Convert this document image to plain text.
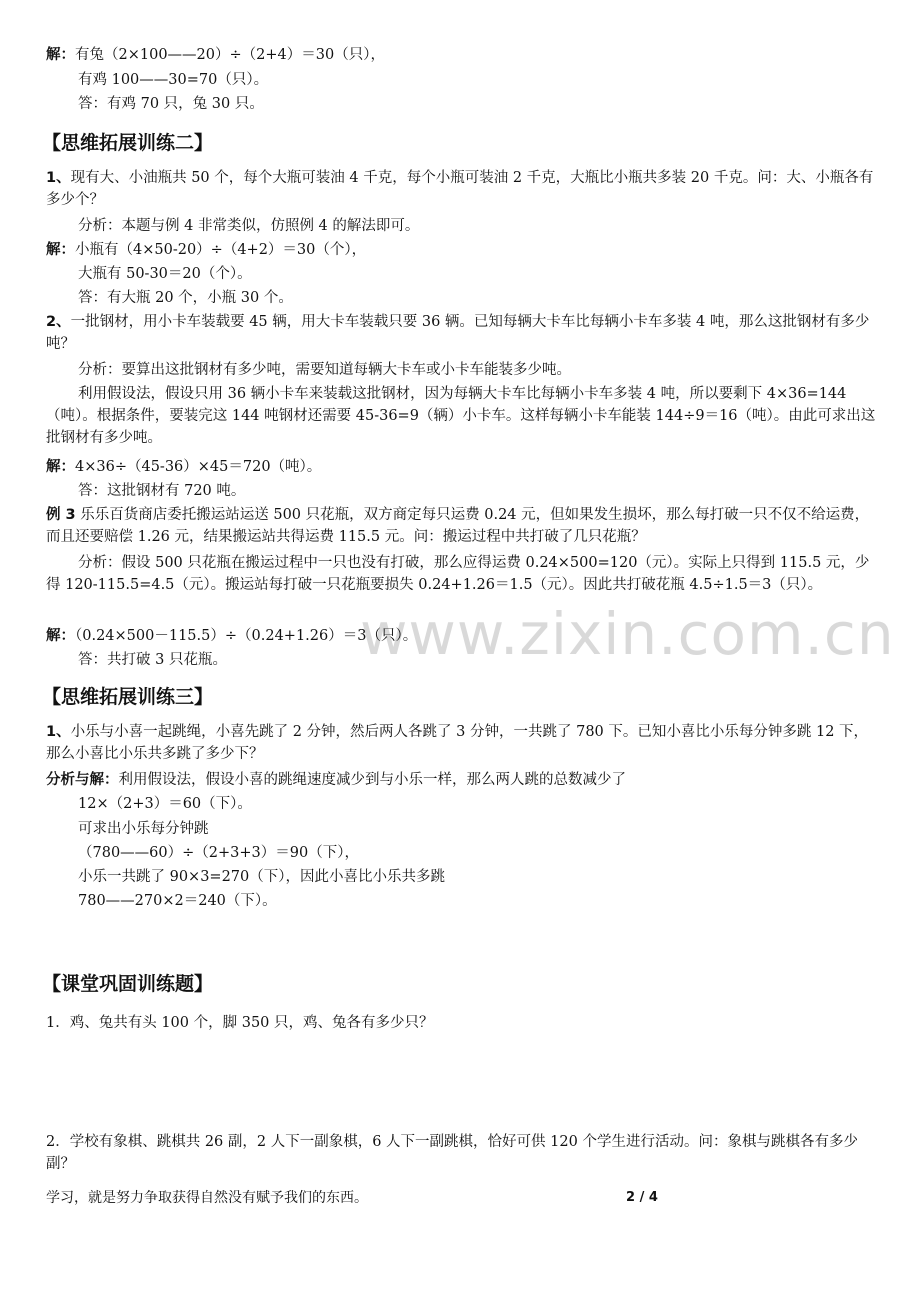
www.zixin.com.cn
解：有兔（2×100——20）÷（2+4）＝30（只），
有鸡 100——30=70（只）。
答：有鸡 70 只，兔 30 只。
【思维拓展训练二】
1、现有大、小油瓶共 50 个，每个大瓶可装油 4 千克，每个小瓶可装油 2 千克，大瓶比小瓶共多装 20 千克。问：大、小瓶各有多少个？
分析：本题与例 4 非常类似，仿照例 4 的解法即可。
解：小瓶有（4×50-20）÷（4+2）＝30（个），
大瓶有 50-30＝20（个）。
答：有大瓶 20 个，小瓶 30 个。
2、一批钢材，用小卡车装载要 45 辆，用大卡车装载只要 36 辆。已知每辆大卡车比每辆小卡车多装 4 吨，那么这批钢材有多少吨？
分析：要算出这批钢材有多少吨，需要知道每辆大卡车或小卡车能装多少吨。
利用假设法，假设只用 36 辆小卡车来装载这批钢材，因为每辆大卡车比每辆小卡车多装 4 吨，所以要剩下 4×36=144（吨）。根据条件，要装完这 144 吨钢材还需要 45-36=9（辆）小卡车。这样每辆小卡车能装 144÷9＝16（吨）。由此可求出这批钢材有多少吨。
解：4×36÷（45-36）×45＝720（吨）。
答：这批钢材有 720 吨。
例 3 乐乐百货商店委托搬运站运送 500 只花瓶，双方商定每只运费 0.24 元，但如果发生损坏，那么每打破一只不仅不给运费，而且还要赔偿 1.26 元，结果搬运站共得运费 115.5 元。问：搬运过程中共打破了几只花瓶？
分析：假设 500 只花瓶在搬运过程中一只也没有打破，那么应得运费 0.24×500=120（元）。实际上只得到 115.5 元，少得 120-115.5=4.5（元）。搬运站每打破一只花瓶要损失 0.24+1.26＝1.5（元）。因此共打破花瓶 4.5÷1.5＝3（只）。
解：（0.24×500－115.5）÷（0.24+1.26）＝3（只）。
答：共打破 3 只花瓶。
【思维拓展训练三】
1、小乐与小喜一起跳绳，小喜先跳了 2 分钟，然后两人各跳了 3 分钟，一共跳了 780 下。已知小喜比小乐每分钟多跳 12 下，那么小喜比小乐共多跳了多少下？
分析与解：利用假设法，假设小喜的跳绳速度减少到与小乐一样，那么两人跳的总数减少了
12×（2+3）＝60（下）。
可求出小乐每分钟跳
（780——60）÷（2+3+3）＝90（下），
小乐一共跳了 90×3=270（下），因此小喜比小乐共多跳
780——270×2＝240（下）。
【课堂巩固训练题】
1．鸡、兔共有头 100 个，脚 350 只，鸡、兔各有多少只？
2．学校有象棋、跳棋共 26 副，2 人下一副象棋，6 人下一副跳棋，恰好可供 120 个学生进行活动。问：象棋与跳棋各有多少副？
学习，就是努力争取获得自然没有赋予我们的东西。	2 / 4
